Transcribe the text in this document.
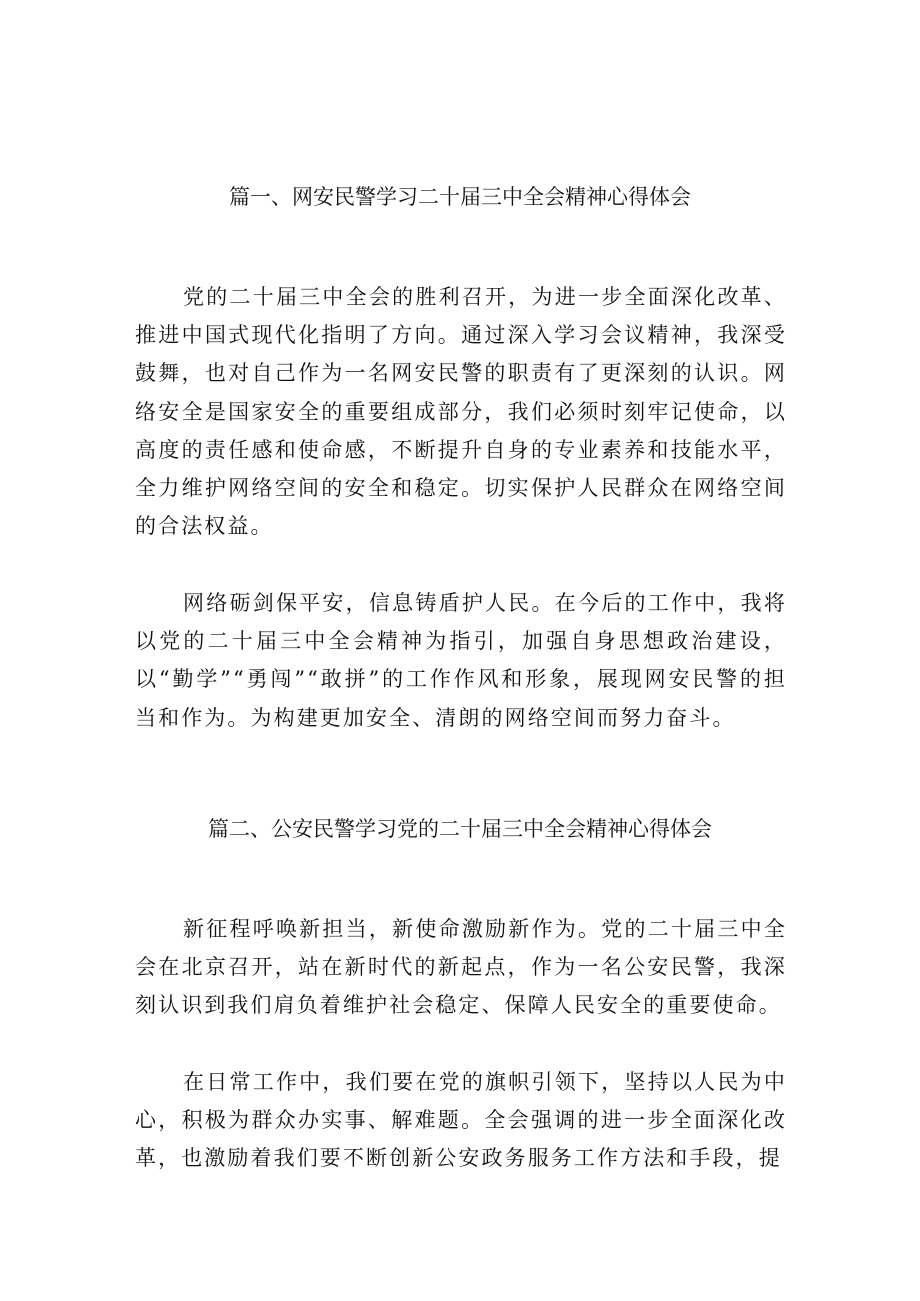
篇一、网安民警学习二十届三中全会精神心得体会

党的二十届三中全会的胜利召开，为进一步全面深化改革、推进中国式现代化指明了方向。通过深入学习会议精神，我深受鼓舞，也对自己作为一名网安民警的职责有了更深刻的认识。网络安全是国家安全的重要组成部分，我们必须时刻牢记使命，以高度的责任感和使命感，不断提升自身的专业素养和技能水平，全力维护网络空间的安全和稳定。切实保护人民群众在网络空间的合法权益。

网络砺剑保平安，信息铸盾护人民。在今后的工作中，我将以党的二十届三中全会精神为指引，加强自身思想政治建设，以“勤学”“勇闯”“敢拼”的工作作风和形象，展现网安民警的担当和作为。为构建更加安全、清朗的网络空间而努力奋斗。

篇二、公安民警学习党的二十届三中全会精神心得体会

新征程呼唤新担当，新使命激励新作为。党的二十届三中全会在北京召开，站在新时代的新起点，作为一名公安民警，我深刻认识到我们肩负着维护社会稳定、保障人民安全的重要使命。

在日常工作中，我们要在党的旗帜引领下，坚持以人民为中心，积极为群众办实事、解难题。全会强调的进一步全面深化改革，也激励着我们要不断创新公安政务服务工作方法和手段，提
